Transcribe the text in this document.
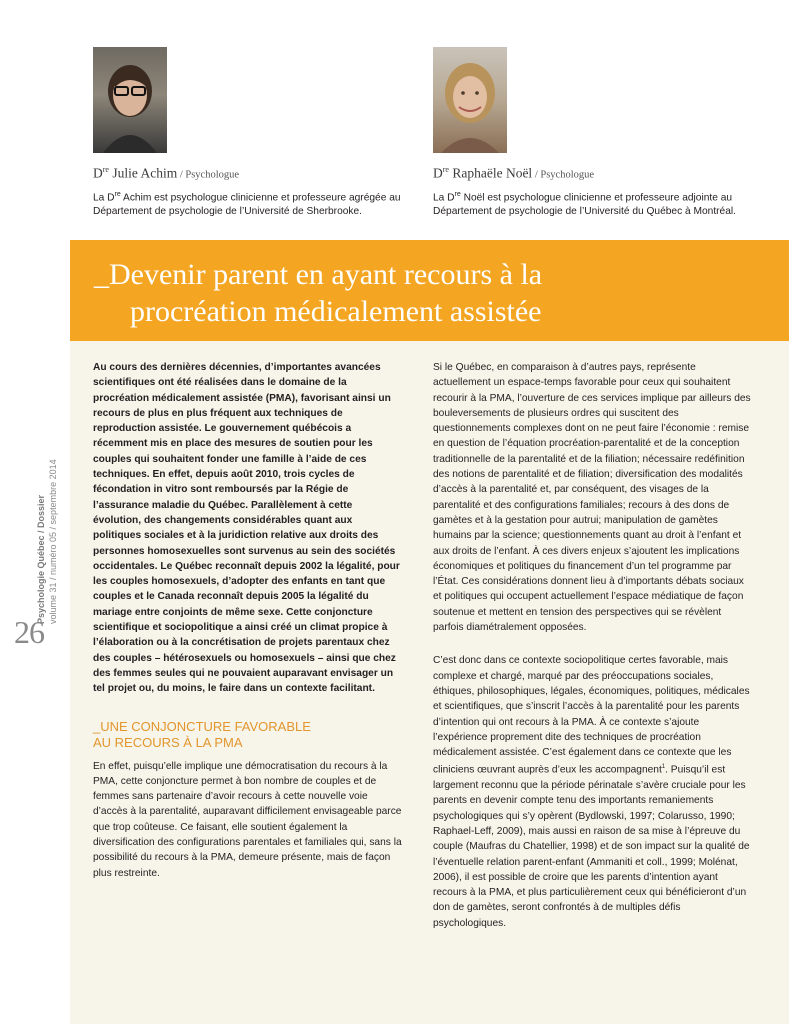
Dre Julie Achim / Psychologue
La Dre Achim est psychologue clinicienne et professeure agrégée au Département de psychologie de l’Université de Sherbrooke.
Dre Raphaële Noël / Psychologue
La Dre Noël est psychologue clinicienne et professeure adjointe au Département de psychologie de l’Université du Québec à Montréal.
_Devenir parent en ayant recours à la
procréation médicalement assistée
Psychologie Québec / Dossier volume 31 / numéro 05 / septembre 2014
26

Au cours des dernières décennies, d’importantes avancées scientifiques ont été réalisées dans le domaine de la procréation médicalement assistée (PMA), favorisant ainsi un recours de plus en plus fréquent aux techniques de reproduction assistée. Le gouvernement québécois a récemment mis en place des mesures de soutien pour les couples qui souhaitent fonder une famille à l’aide de ces techniques. En effet, depuis août 2010, trois cycles de fécondation in vitro sont remboursés par la Régie de l’assurance maladie du Québec. Parallèlement à cette évolution, des changements considérables quant aux politiques sociales et à la juridiction relative aux droits des personnes homosexuelles sont survenus au sein des sociétés occidentales. Le Québec reconnaît depuis 2002 la légalité, pour les couples homosexuels, d’adopter des enfants en tant que couples et le Canada reconnaît depuis 2005 la légalité du mariage entre conjoints de même sexe. Cette conjoncture scientifique et sociopolitique a ainsi créé un climat propice à l’élaboration ou à la concrétisation de projets parentaux chez des couples – hétérosexuels ou homosexuels – ainsi que chez des femmes seules qui ne pouvaient auparavant envisager un tel projet ou, du moins, le faire dans un contexte facilitant.

_UNE CONJONCTURE FAVORABLE
AU RECOURS À LA PMA

En effet, puisqu’elle implique une démocratisation du recours à la PMA, cette conjoncture permet à bon nombre de couples et de femmes sans partenaire d’avoir recours à cette nouvelle voie d’accès à la parentalité, auparavant difficilement envisageable parce que trop coûteuse. Ce faisant, elle soutient également la diversification des configurations parentales et familiales qui, sans la possibilité du recours à la PMA, demeure présente, mais de façon plus restreinte.

Si le Québec, en comparaison à d’autres pays, représente actuellement un espace-temps favorable pour ceux qui souhaitent recourir à la PMA, l’ouverture de ces services implique par ailleurs des bouleversements de plusieurs ordres qui suscitent des questionnements complexes dont on ne peut faire l’économie : remise en question de l’équation procréation-parentalité et de la conception traditionnelle de la parentalité et de la filiation; nécessaire redéfinition des notions de parentalité et de filiation; diversification des modalités d’accès à la parentalité et, par conséquent, des visages de la parentalité et des configurations familiales; recours à des dons de gamètes et à la gestation pour autrui; manipulation de gamètes humains par la science; questionnements quant au droit à l’enfant et aux droits de l’enfant. À ces divers enjeux s’ajoutent les implications économiques et politiques du financement d’un tel programme par l’État. Ces considérations donnent lieu à d’importants débats sociaux et politiques qui occupent actuellement l’espace médiatique de façon soutenue et mettent en tension des perspectives qui se révèlent parfois diamétralement opposées.

C’est donc dans ce contexte sociopolitique certes favorable, mais complexe et chargé, marqué par des préoccupations sociales, éthiques, philosophiques, légales, économiques, politiques, médicales et scientifiques, que s’inscrit l’accès à la parentalité pour les parents d’intention qui ont recours à la PMA. À ce contexte s’ajoute l’expérience proprement dite des techniques de procréation médicalement assistée. C’est également dans ce contexte que les cliniciens œuvrant auprès d’eux les accompagnent$^1$. Puisqu’il est largement reconnu que la période périnatale s’avère cruciale pour les parents en devenir compte tenu des importants remaniements psychologiques qui s’y opèrent (Bydlowski, 1997; Colarusso, 1990; Raphael-Leff, 2009), mais aussi en raison de sa mise à l’épreuve du couple (Maufras du Chatellier, 1998) et de son impact sur la qualité de l’éventuelle relation parent-enfant (Ammaniti et coll., 1999; Molénat, 2006), il est possible de croire que les parents d’intention ayant recours à la PMA, et plus particulièrement ceux qui bénéficieront d’un don de gamètes, seront confrontés à de multiples défis psychologiques.
